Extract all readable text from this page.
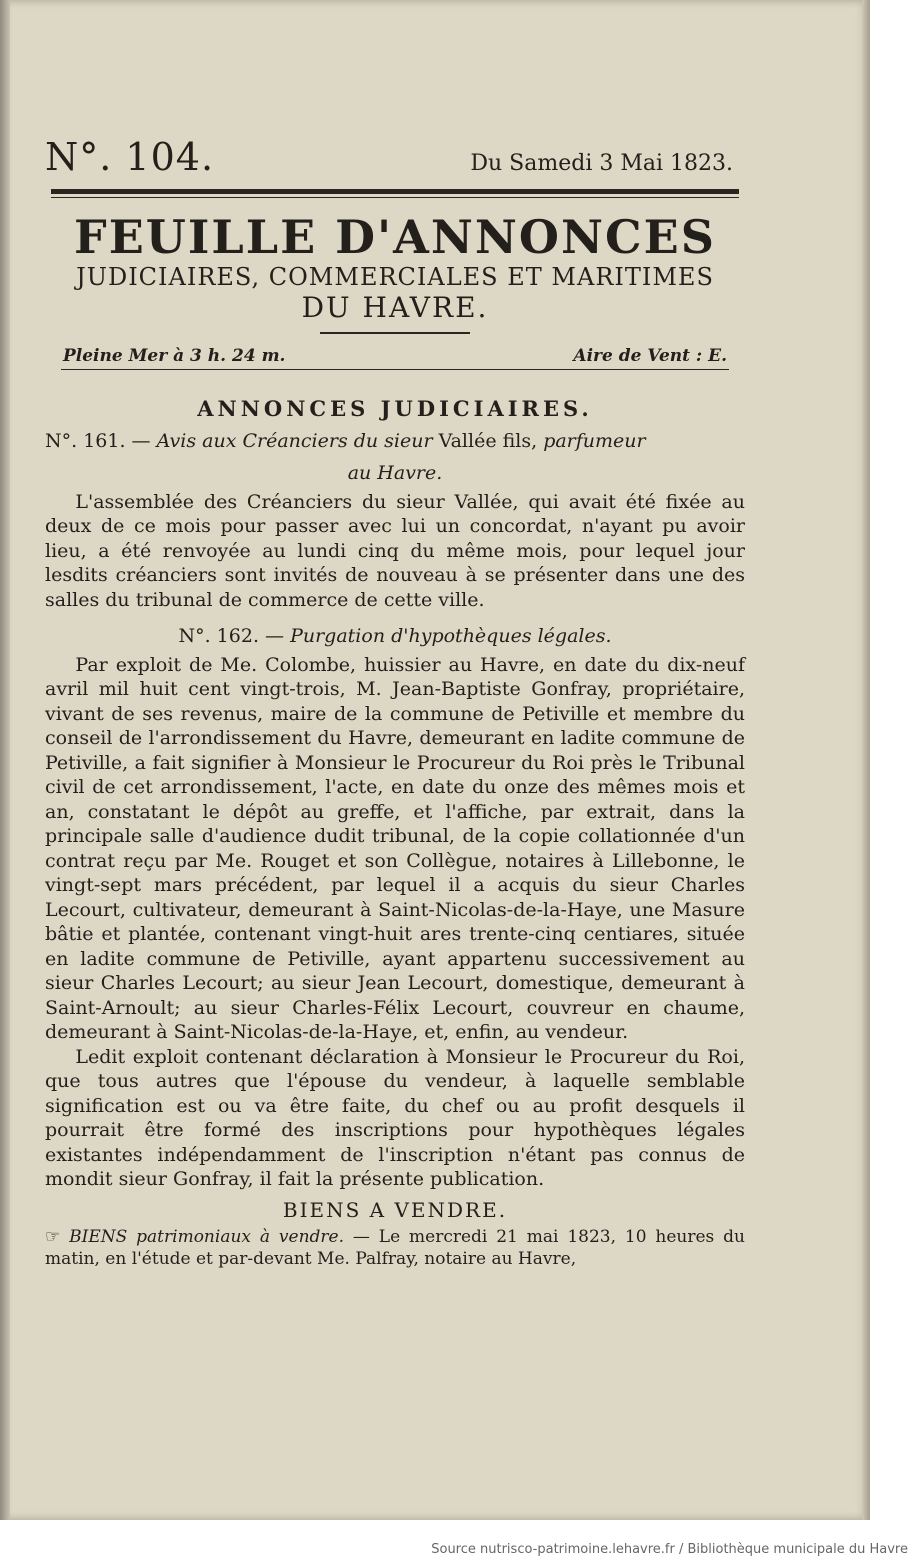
N°. 104.	Du Samedi 3 Mai 1823.
FEUILLE D'ANNONCES
JUDICIAIRES, COMMERCIALES ET MARITIMES
DU HAVRE.
Pleine Mer à 3 h. 24 m.	Aire de Vent : E.
ANNONCES JUDICIAIRES.
N°. 161. — Avis aux Créanciers du sieur Vallée fils, parfumeur
au Havre.

L'assemblée des Créanciers du sieur Vallée, qui avait été fixée au deux de ce mois pour passer avec lui un concordat, n'ayant pu avoir lieu, a été renvoyée au lundi cinq du même mois, pour lequel jour lesdits créanciers sont invités de nouveau à se présenter dans une des salles du tribunal de commerce de cette ville.

N°. 162. — Purgation d'hypothèques légales.

Par exploit de Me. Colombe, huissier au Havre, en date du dix-neuf avril mil huit cent vingt-trois, M. Jean-Baptiste Gonfray, propriétaire, vivant de ses revenus, maire de la commune de Petiville et membre du conseil de l'arrondissement du Havre, demeurant en ladite commune de Petiville, a fait signifier à Monsieur le Procureur du Roi près le Tribunal civil de cet arrondissement, l'acte, en date du onze des mêmes mois et an, constatant le dépôt au greffe, et l'affiche, par extrait, dans la principale salle d'audience dudit tribunal, de la copie collationnée d'un contrat reçu par Me. Rouget et son Collègue, notaires à Lillebonne, le vingt-sept mars précédent, par lequel il a acquis du sieur Charles Lecourt, cultivateur, demeurant à Saint-Nicolas-de-la-Haye, une Masure bâtie et plantée, contenant vingt-huit ares trente-cinq centiares, située en ladite commune de Petiville, ayant appartenu successivement au sieur Charles Lecourt; au sieur Jean Lecourt, domestique, demeurant à Saint-Arnoult; au sieur Charles-Félix Lecourt, couvreur en chaume, demeurant à Saint-Nicolas-de-la-Haye, et, enfin, au vendeur.

Ledit exploit contenant déclaration à Monsieur le Procureur du Roi, que tous autres que l'épouse du vendeur, à laquelle semblable signification est ou va être faite, du chef ou au profit desquels il pourrait être formé des inscriptions pour hypothèques légales existantes indépendamment de l'inscription n'étant pas connus de mondit sieur Gonfray, il fait la présente publication.

BIENS A VENDRE.

☞ BIENS patrimoniaux à vendre. — Le mercredi 21 mai 1823, 10 heures du matin, en l'étude et par-devant Me. Palfray, notaire au Havre,

Source nutrisco-patrimoine.lehavre.fr / Bibliothèque municipale du Havre
